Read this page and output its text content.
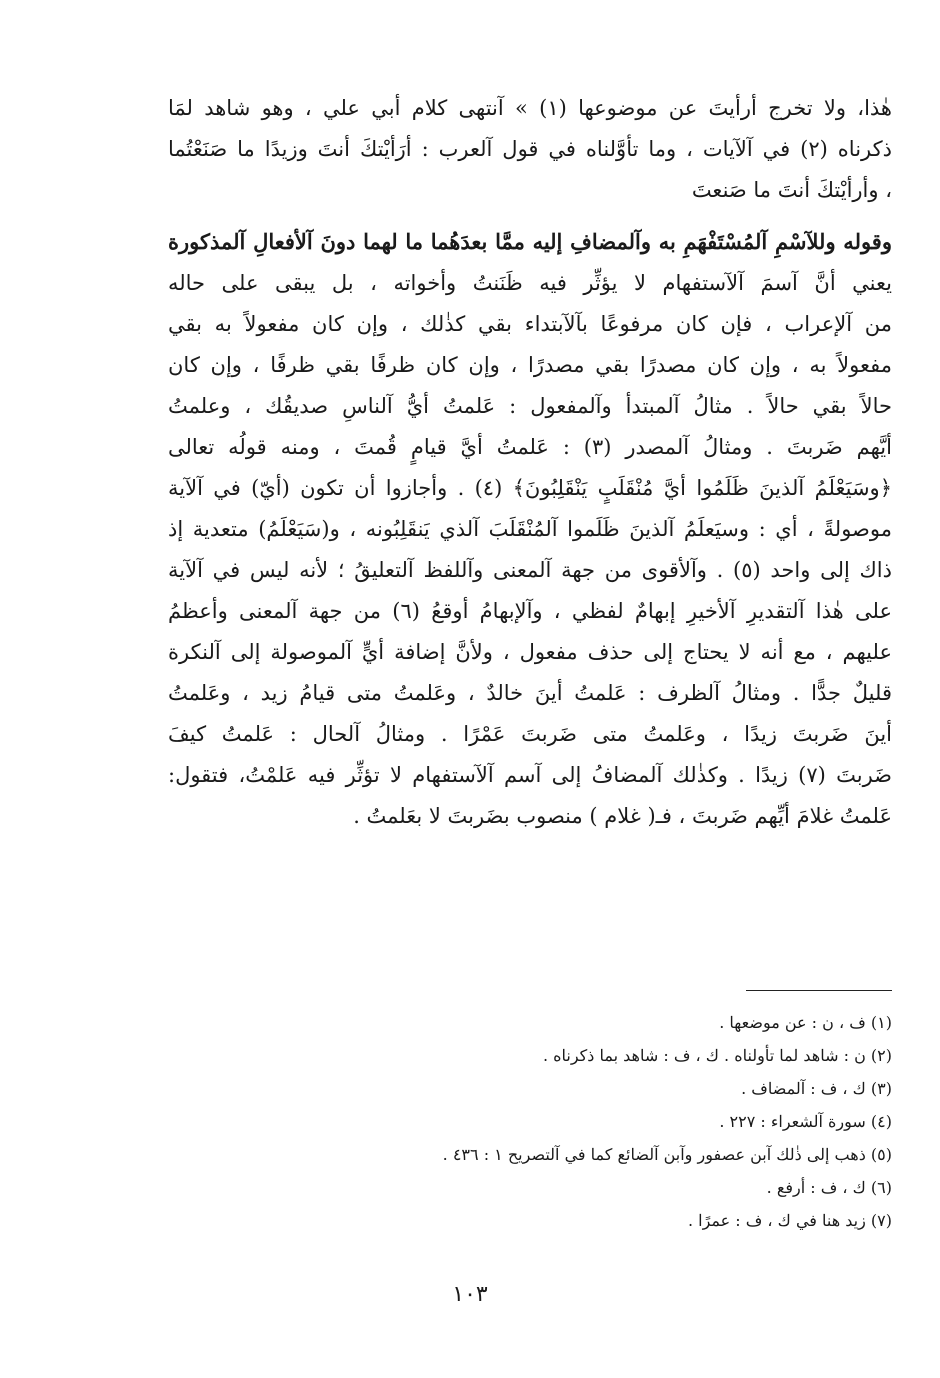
هٰذا، ولا تخرج أرأيتَ عن موضوعها (١) » آنتهى كلام أبي علي ، وهو شاهد لمَا
ذكرناه (٢) في آلآيات ، وما تأوَّلناه في قول آلعرب : أرَأيْتكَ أنتَ وزيدًا ما صَنَعْتُما
، وأرأيْتكَ أنتَ ما صَنعتَ

وقوله وللآسْمِ آلمُسْتَفْهَمِ به وآلمضافِ إليه ممَّا بعدَهُما ما لهما دونَ آلأفعالِ آلمذكورة
يعني أنَّ آسمَ آلآستفهام لا يؤثِّر فيه ظَنَنتُ وأخواته ، بل يبقى على حاله
من آلإعراب ، فإن كان مرفوعًا بآلآبتداء بقي كذٰلك ، وإن كان مفعولاً به بقي
مفعولاً به ، وإن كان مصدرًا بقي مصدرًا ، وإن كان ظرفًا بقي ظرفًا ، وإن كان
حالاً بقي حالاً . مثالُ آلمبتدأ وآلمفعول : عَلمتُ أيُّ آلناسِ صديقُك ، وعلمتُ
أيَّهم ضَربتَ . ومثالُ آلمصدر (٣) : عَلمتُ أيَّ قيامٍ قُمتَ ، ومنه قولُه تعالى
﴿وسَيَعْلَمُ آلذينَ ظَلَمُوا أيَّ مُنْقَلَبٍ يَنْقَلِبُونَ﴾ (٤) . وأجازوا أن تكون (أيّ) في آلآية
موصولةً ، أي : وسيَعلَمُ آلذينَ ظَلَموا آلمُنْقَلَبَ آلذي يَنقَلِبُونه ، و(سَيَعْلَمُ) متعدية إذ
ذاك إلى واحد (٥) . وآلأقوى من جهة آلمعنى وآللفظ آلتعليقُ ؛ لأنه ليس في آلآية
على هٰذا آلتقديرِ آلأخيرِ إبهامٌ لفظي ، وآلإبهامُ أوقعُ (٦) من جهة آلمعنى وأعظمُ
عليهم ، مع أنه لا يحتاج إلى حذف مفعول ، ولأنَّ إضافة أيٍّ آلموصولة إلى آلنكرة
قليلٌ جدًّا . ومثالُ آلظرف : عَلمتُ أينَ خالدٌ ، وعَلمتُ متى قيامُ زيد ، وعَلمتُ
أينَ ضَربتَ زيدًا ، وعَلمتُ متى ضَربتَ عَمْرًا . ومثالُ آلحال : عَلمتُ كيفَ
ضَربتَ (٧) زيدًا . وكذٰلك آلمضافُ إلى آسم آلآستفهام لا تؤثِّر فيه عَلمْتُ، فتقول:
عَلمتُ غلامَ أيِّهم ضَربتَ ، فـ( غلام ) منصوب بضَربتَ لا بعَلمتُ .

(١) ف ، ن : عن موضعها .
(٢) ن : شاهد لما تأولناه . ك ، ف : شاهد بما ذكرناه .
(٣) ك ، ف : آلمضاف .
(٤) سورة آلشعراء : ٢٢٧ .
(٥) ذهب إلى ذٰلك آبن عصفور وآبن آلضائع كما في آلتصريح ١ : ٤٣٦ .
(٦) ك ، ف : أرفع .
(٧) زيد هنا في ك ، ف : عمرًا .
١٠٣
